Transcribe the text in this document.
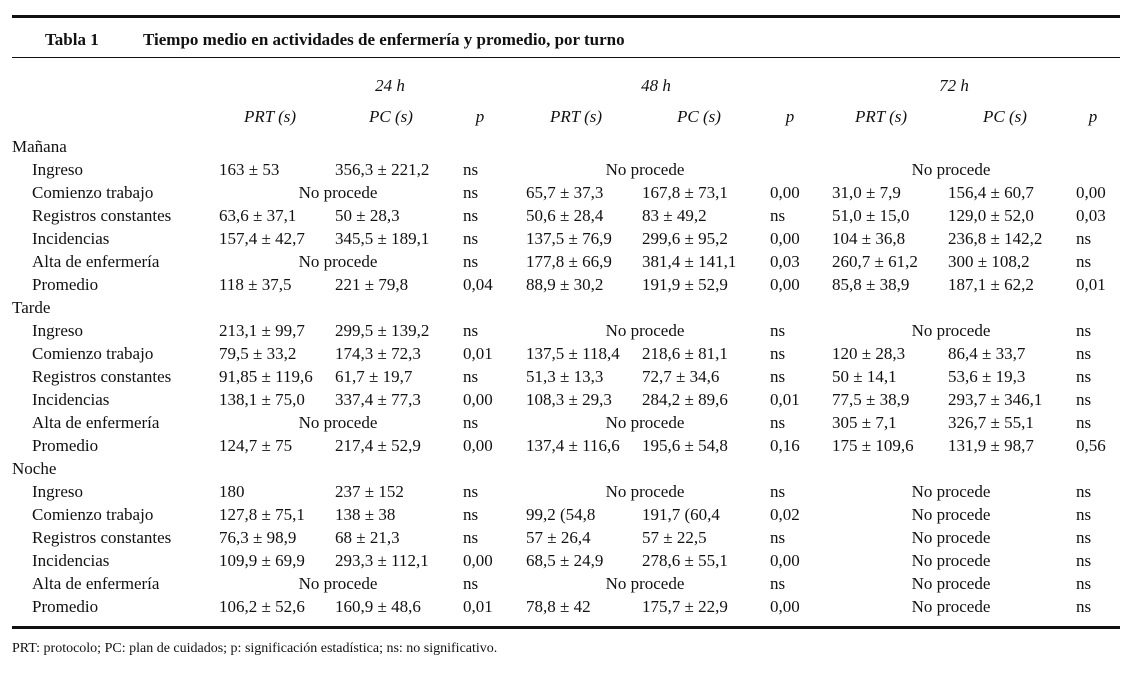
Tabla 1	Tiempo medio en actividades de enfermería y promedio, por turno
24 h	48 h	72 h
PRT (s)	PC (s)	p	PRT (s)	PC (s)	p	PRT (s)	PC (s)	p
Mañana
Ingreso	163 ± 53	356,3 ± 221,2	ns	No procede	No procede
Comienzo trabajo	No procede	ns	65,7 ± 37,3	167,8 ± 73,1	0,00	31,0 ± 7,9	156,4 ± 60,7	0,00
Registros constantes	63,6 ± 37,1	50 ± 28,3	ns	50,6 ± 28,4	83 ± 49,2	ns	51,0 ± 15,0	129,0 ± 52,0	0,03
Incidencias	157,4 ± 42,7	345,5 ± 189,1	ns	137,5 ± 76,9	299,6 ± 95,2	0,00	104 ± 36,8	236,8 ± 142,2	ns
Alta de enfermería	No procede	ns	177,8 ± 66,9	381,4 ± 141,1	0,03	260,7 ± 61,2	300 ± 108,2	ns
Promedio	118 ± 37,5	221 ± 79,8	0,04	88,9 ± 30,2	191,9 ± 52,9	0,00	85,8 ± 38,9	187,1 ± 62,2	0,01
Tarde
Ingreso	213,1 ± 99,7	299,5 ± 139,2	ns	No procede	ns	No procede	ns
Comienzo trabajo	79,5 ± 33,2	174,3 ± 72,3	0,01	137,5 ± 118,4	218,6 ± 81,1	ns	120 ± 28,3	86,4 ± 33,7	ns
Registros constantes	91,85 ± 119,6	61,7 ± 19,7	ns	51,3 ± 13,3	72,7 ± 34,6	ns	50 ± 14,1	53,6 ± 19,3	ns
Incidencias	138,1 ± 75,0	337,4 ± 77,3	0,00	108,3 ± 29,3	284,2 ± 89,6	0,01	77,5 ± 38,9	293,7 ± 346,1	ns
Alta de enfermería	No procede	ns	No procede	ns	305 ± 7,1	326,7 ± 55,1	ns
Promedio	124,7 ± 75	217,4 ± 52,9	0,00	137,4 ± 116,6	195,6 ± 54,8	0,16	175 ± 109,6	131,9 ± 98,7	0,56
Noche
Ingreso	180	237 ± 152	ns	No procede	ns	No procede	ns
Comienzo trabajo	127,8 ± 75,1	138 ± 38	ns	99,2 (54,8	191,7 (60,4	0,02	No procede	ns
Registros constantes	76,3 ± 98,9	68 ± 21,3	ns	57 ± 26,4	57 ± 22,5	ns	No procede	ns
Incidencias	109,9 ± 69,9	293,3 ± 112,1	0,00	68,5 ± 24,9	278,6 ± 55,1	0,00	No procede	ns
Alta de enfermería	No procede	ns	No procede	ns	No procede	ns
Promedio	106,2 ± 52,6	160,9 ± 48,6	0,01	78,8 ± 42	175,7 ± 22,9	0,00	No procede	ns
PRT: protocolo; PC: plan de cuidados; p: significación estadística; ns: no significativo.
